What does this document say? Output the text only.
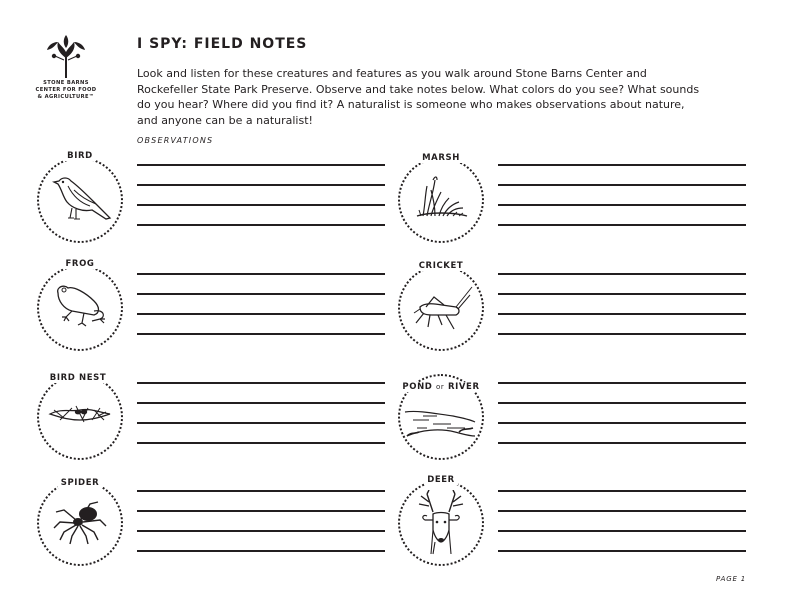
STONE BARNS
CENTER FOR FOOD
& AGRICULTURE™
I SPY: FIELD NOTES

Look and listen for these creatures and features as you walk around Stone Barns Center and Rockefeller State Park Preserve. Observe and take notes below. What colors do you see? What sounds do you hear? Where did you find it? A naturalist is someone who makes observations about nature, and anyone can be a naturalist!

OBSERVATIONS
BIRD
FROG
BIRD NEST
SPIDER
MARSH
CRICKET
POND or RIVER
DEER
PAGE 1
